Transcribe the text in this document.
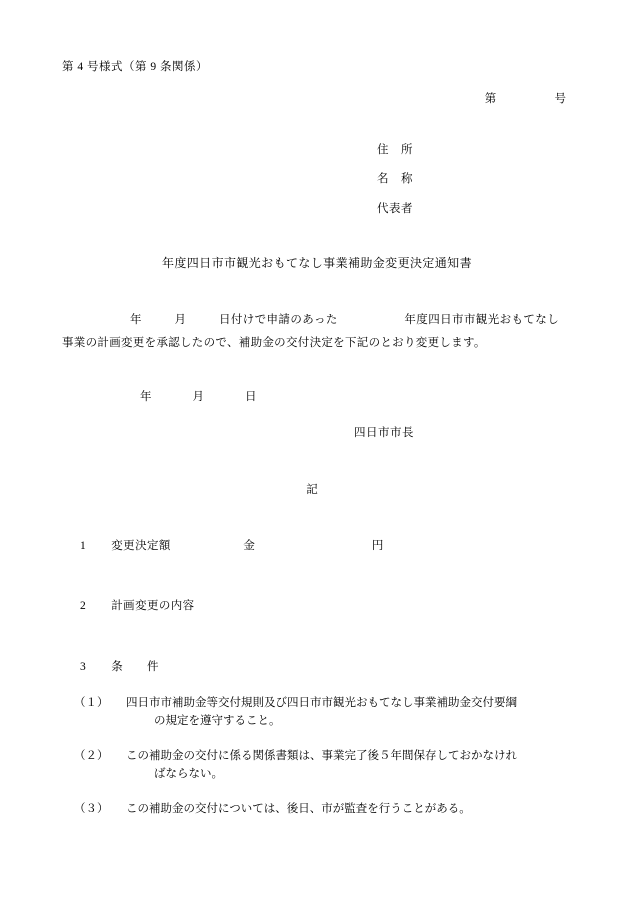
第 4 号様式（第 9 条関係）
第	号
住　所
名　称
代表者
年度四日市市観光おもてなし事業補助金変更決定通知書
年	月	日付けで申請のあった	年度四日市市観光おもてなし
事業の計画変更を承認したので、補助金の交付決定を下記のとおり変更します。
年	月	日
四日市市長
記
1 変更決定額	金	円
2 計画変更の内容
3 条　　件
（１） 四日市市補助金等交付規則及び四日市市観光おもてなし事業補助金交付要綱
の規定を遵守すること。
（２） この補助金の交付に係る関係書類は、事業完了後５年間保存しておかなけれ
ばならない。
（３） この補助金の交付については、後日、市が監査を行うことがある。
